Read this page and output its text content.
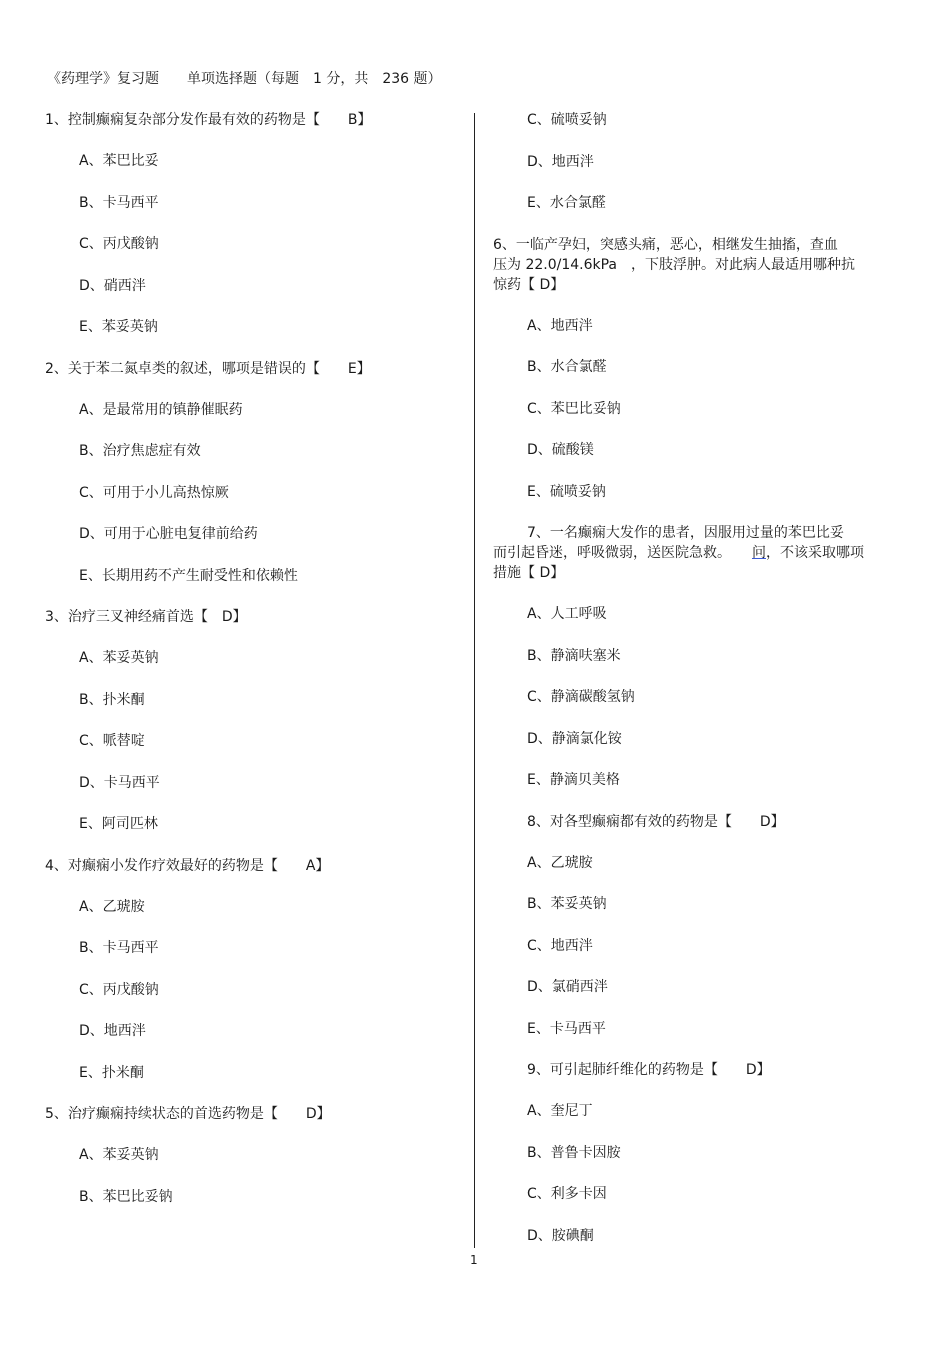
《药理学》复习题　　单项选择题（每题　1 分，共　236 题）

1、控制癫痫复杂部分发作最有效的药物是【　　B】

A、苯巴比妥

B、卡马西平

C、丙戊酸钠

D、硝西泮

E、苯妥英钠

2、关于苯二氮卓类的叙述，哪项是错误的【　　E】

A、是最常用的镇静催眠药

B、治疗焦虑症有效

C、可用于小儿高热惊厥

D、可用于心脏电复律前给药

E、长期用药不产生耐受性和依赖性

3、治疗三叉神经痛首选【　D】

A、苯妥英钠

B、扑米酮

C、哌替啶

D、卡马西平

E、阿司匹林

4、对癫痫小发作疗效最好的药物是【　　A】

A、乙琥胺

B、卡马西平

C、丙戊酸钠

D、地西泮

E、扑米酮

5、治疗癫痫持续状态的首选药物是【　　D】

A、苯妥英钠

B、苯巴比妥钠

C、硫喷妥钠

D、地西泮

E、水合氯醛

6、一临产孕妇，突感头痛，恶心，相继发生抽搐，查血
压为 22.0/14.6kPa　，下肢浮肿。对此病人最适用哪种抗
惊药【 D】

A、地西泮

B、水合氯醛

C、苯巴比妥钠

D、硫酸镁

E、硫喷妥钠

7、一名癫痫大发作的患者，因服用过量的苯巴比妥
而引起昏迷，呼吸微弱，送医院急救。　　问，不该采取哪项
措施【 D】

A、人工呼吸

B、静滴呋塞米

C、静滴碳酸氢钠

D、静滴氯化铵

E、静滴贝美格

8、对各型癫痫都有效的药物是【　　D】

A、乙琥胺

B、苯妥英钠

C、地西泮

D、氯硝西泮

E、卡马西平

9、可引起肺纤维化的药物是【　　D】

A、奎尼丁

B、普鲁卡因胺

C、利多卡因

D、胺碘酮

1
